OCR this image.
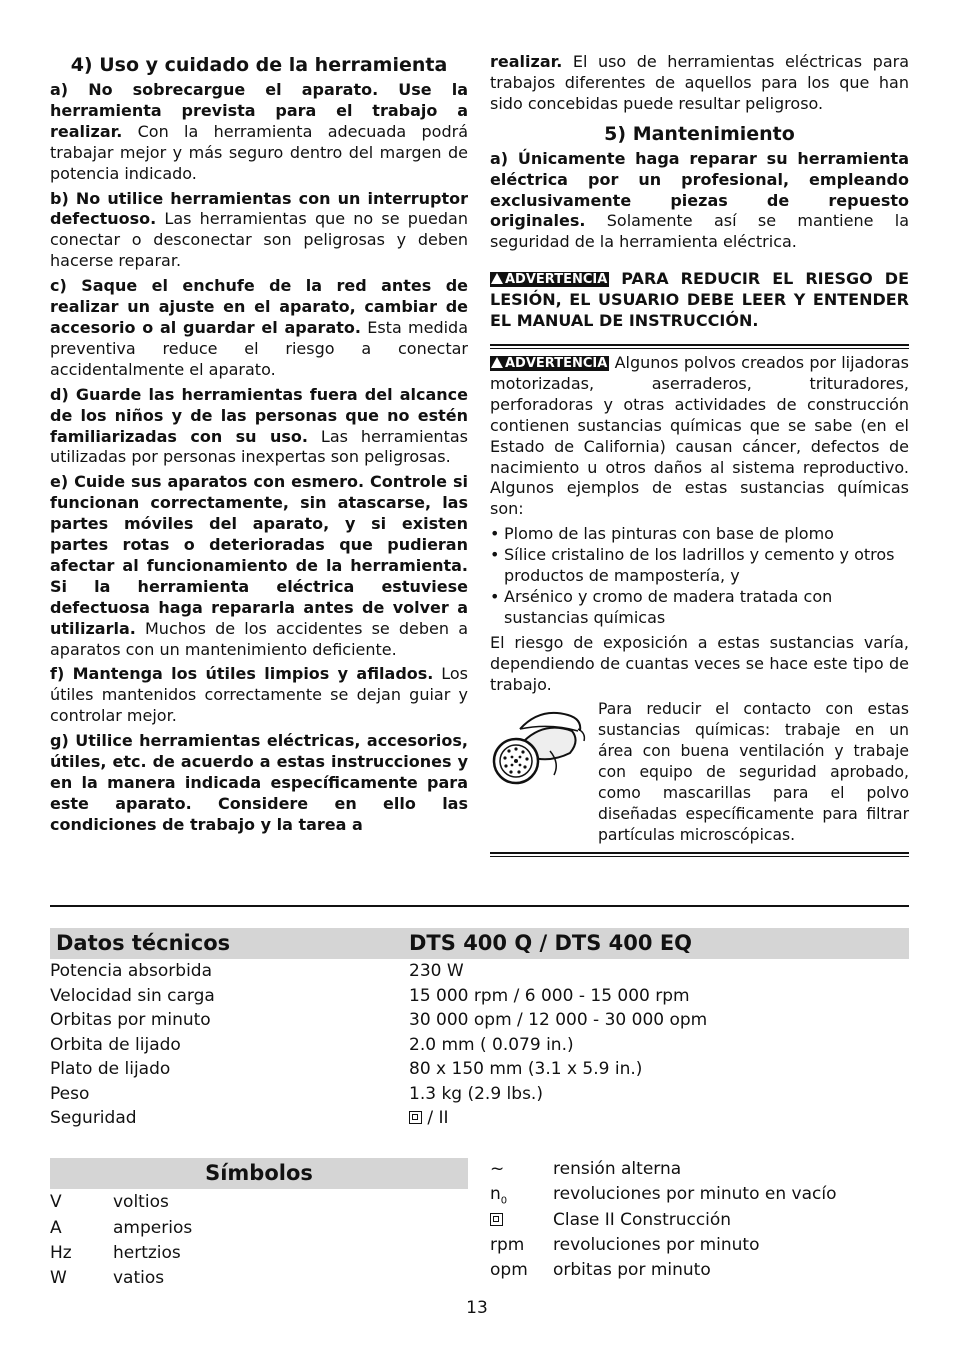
4) Uso y cuidado de la herramienta

a) No sobrecargue el aparato. Use la herramienta prevista para el trabajo a realizar. Con la herramienta adecuada podrá trabajar mejor y más seguro dentro del margen de potencia indicado.

b) No utilice herramientas con un interruptor defectuoso. Las herramientas que no se puedan conectar o desconectar son peligrosas y deben hacerse reparar.

c) Saque el enchufe de la red antes de realizar un ajuste en el aparato, cambiar de accesorio o al guardar el aparato. Esta medida preventiva reduce el riesgo a conectar accidentalmente el aparato.

d) Guarde las herramientas fuera del alcance de los niños y de las personas que no estén familiarizadas con su uso. Las herramientas utilizadas por personas inexpertas son peligrosas.

e) Cuide sus aparatos con esmero. Controle si funcionan correctamente, sin atascarse, las partes móviles del aparato, y si existen partes rotas o deterioradas que pudieran afectar al funcionamiento de la herramienta. Si la herramienta eléctrica estuviese defectuosa haga repararla antes de volver a utilizarla. Muchos de los accidentes se deben a aparatos con un mantenimiento deficiente.

f) Mantenga los útiles limpios y afilados. Los útiles mantenidos correctamente se dejan guiar y controlar mejor.

g) Utilice herramientas eléctricas, accesorios, útiles, etc. de acuerdo a estas instrucciones y en la manera indicada específicamente para este aparato. Considere en ello las condiciones de trabajo y la tarea a

realizar. El uso de herramientas eléctricas para trabajos diferentes de aquellos para los que han sido concebidas puede resultar peligroso.

5) Mantenimiento

a) Únicamente haga reparar su herramienta eléctrica por un profesional, empleando exclusivamente piezas de repuesto originales. Solamente así se mantiene la seguridad de la herramienta eléctrica.

ADVERTENCIA PARA REDUCIR EL RIESGO DE LESIÓN, EL USUARIO DEBE LEER Y ENTENDER EL MANUAL DE INSTRUCCIÓN.

ADVERTENCIA Algunos polvos creados por lijadoras motorizadas, aserraderos, trituradores, perforadoras y otras actividades de construcción contienen sustancias químicas que se sabe (en el Estado de California) causan cáncer, defectos de nacimiento u otros daños al sistema reproductivo. Algunos ejemplos de estas sustancias químicas son:

• Plomo de las pinturas con base de plomo
• Sílice cristalino de los ladrillos y cemento y otros productos de mampostería, y
• Arsénico y cromo de madera tratada con sustancias químicas

El riesgo de exposición a estas sustancias varía, dependiendo de cuantas veces se hace este tipo de trabajo.

Para reducir el contacto con estas sustancias químicas: trabaje en un área con buena ventilación y trabaje con equipo de seguridad aprobado, como mascarillas para el polvo diseñadas específicamente para filtrar partículas microscópicas.
Datos técnicos	DTS 400 Q / DTS 400 EQ
Potencia absorbida	230 W
Velocidad sin carga	15 000 rpm / 6 000 - 15 000 rpm
Orbitas por minuto	30 000 opm / 12 000 - 30 000 opm
Orbita de lijado	2.0 mm ( 0.079 in.)
Plato de lijado	80 x 150 mm (3.1 x 5.9 in.)
Peso	1.3 kg (2.9 lbs.)
Seguridad	/ II
Símbolos
V	voltios
A	amperios
Hz hertzios
W	vatios
~	rensión alterna
$n_0$	revoluciones por minuto en vacío
Clase II Construcción
rpm revoluciones por minuto
opm orbitas por minuto
13
